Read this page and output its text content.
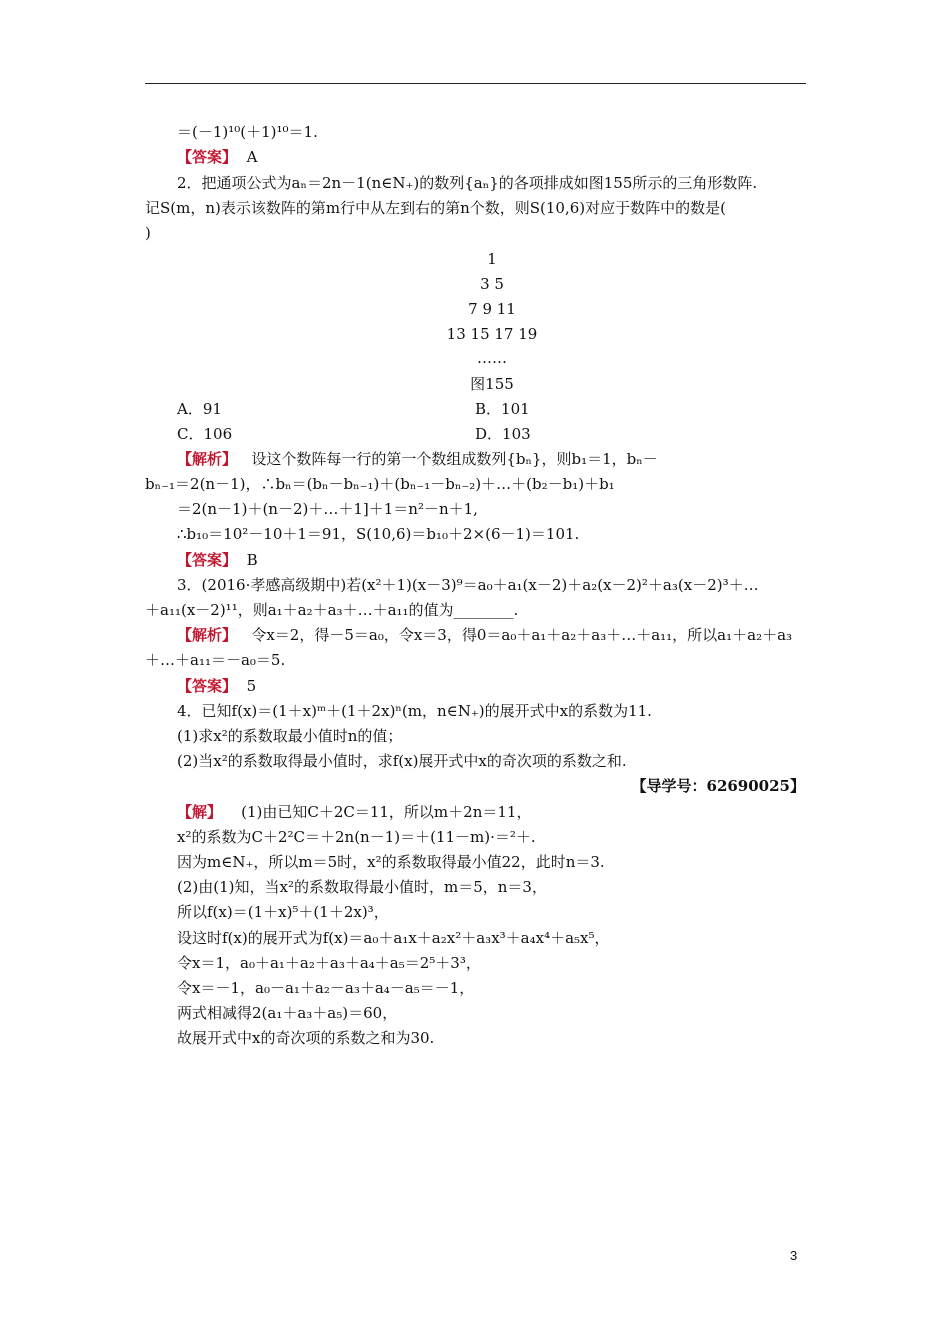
＝(－1)¹⁰(＋1)¹⁰＝1.
【答案】 A
2．把通项公式为aₙ＝2n－1(n∈N₊)的数列{aₙ}的各项排成如图155所示的三角形数阵.
记S(m，n)表示该数阵的第m行中从左到右的第n个数，则S(10,6)对应于数阵中的数是(
)
1
3 5
7 9 11
13 15 17 19
……
图155
A．91	B．101
C．106	D．103
【解析】 设这个数阵每一行的第一个数组成数列{bₙ}，则b₁＝1，bₙ－
bₙ₋₁＝2(n－1)，∴bₙ＝(bₙ－bₙ₋₁)＋(bₙ₋₁－bₙ₋₂)＋…＋(b₂－b₁)＋b₁
＝2(n－1)＋(n－2)＋…＋1]＋1＝n²－n＋1,
∴b₁₀＝10²－10＋1＝91，S(10,6)＝b₁₀＋2×(6－1)＝101.
【答案】 B
3．(2016·孝感高级期中)若(x²＋1)(x－3)⁹＝a₀＋a₁(x－2)＋a₂(x－2)²＋a₃(x－2)³＋…
＋a₁₁(x－2)¹¹，则a₁＋a₂＋a₃＋…＋a₁₁的值为________.
【解析】 令x＝2，得－5＝a₀，令x＝3，得0＝a₀＋a₁＋a₂＋a₃＋…＋a₁₁，所以a₁＋a₂＋a₃
＋…＋a₁₁＝－a₀＝5.
【答案】 5
4．已知f(x)＝(1＋x)ᵐ＋(1＋2x)ⁿ(m，n∈N₊)的展开式中x的系数为11.
(1)求x²的系数取最小值时n的值；
(2)当x²的系数取得最小值时，求f(x)展开式中x的奇次项的系数之和.
【导学号：62690025】
【解】 (1)由已知C＋2C＝11，所以m＋2n＝11，
x²的系数为C＋2²C＝＋2n(n－1)＝＋(11－m)·＝²＋.
因为m∈N₊，所以m＝5时，x²的系数取得最小值22，此时n＝3.
(2)由(1)知，当x²的系数取得最小值时，m＝5，n＝3，
所以f(x)＝(1＋x)⁵＋(1＋2x)³，
设这时f(x)的展开式为f(x)＝a₀＋a₁x＋a₂x²＋a₃x³＋a₄x⁴＋a₅x⁵，
令x＝1，a₀＋a₁＋a₂＋a₃＋a₄＋a₅＝2⁵＋3³，
令x＝－1，a₀－a₁＋a₂－a₃＋a₄－a₅＝－1，
两式相减得2(a₁＋a₃＋a₅)＝60，
故展开式中x的奇次项的系数之和为30.
3
